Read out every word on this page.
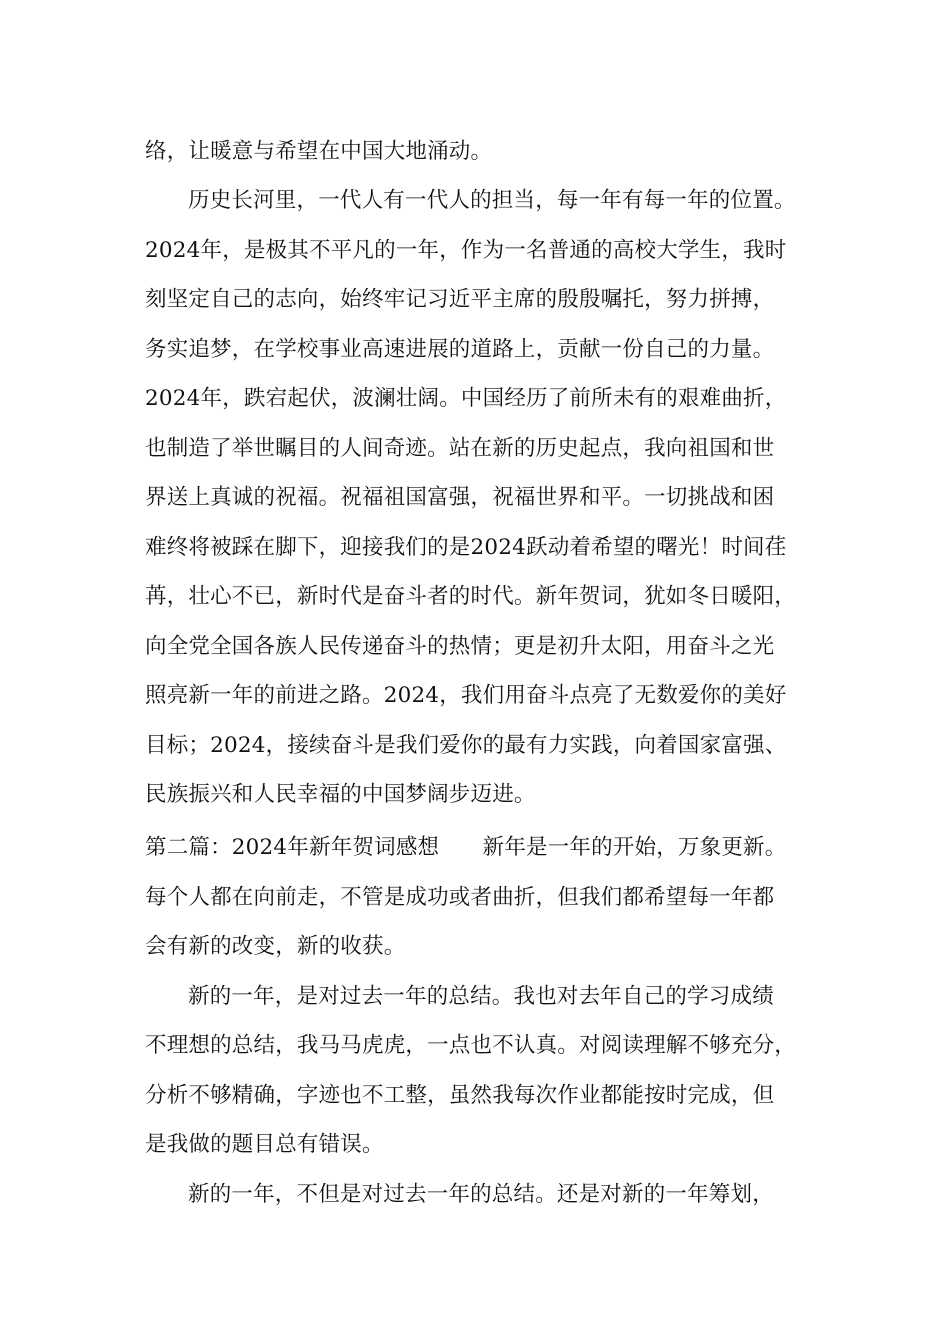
络，让暖意与希望在中国大地涌动。
历史长河里，一代人有一代人的担当，每一年有每一年的位置。
2024年，是极其不平凡的一年，作为一名普通的高校大学生，我时
刻坚定自己的志向，始终牢记习近平主席的殷殷嘱托，努力拼搏，
务实追梦，在学校事业高速进展的道路上，贡献一份自己的力量。
2024年，跌宕起伏，波澜壮阔。中国经历了前所未有的艰难曲折，
也制造了举世瞩目的人间奇迹。站在新的历史起点，我向祖国和世
界送上真诚的祝福。祝福祖国富强，祝福世界和平。一切挑战和困
难终将被踩在脚下，迎接我们的是2024跃动着希望的曙光！时间荏
苒，壮心不已，新时代是奋斗者的时代。新年贺词，犹如冬日暖阳，
向全党全国各族人民传递奋斗的热情；更是初升太阳，用奋斗之光
照亮新一年的前进之路。2024，我们用奋斗点亮了无数爱你的美好
目标；2024，接续奋斗是我们爱你的最有力实践，向着国家富强、
民族振兴和人民幸福的中国梦阔步迈进。
第二篇：2024年新年贺词感想　　新年是一年的开始，万象更新。
每个人都在向前走，不管是成功或者曲折，但我们都希望每一年都
会有新的改变，新的收获。
新的一年，是对过去一年的总结。我也对去年自己的学习成绩
不理想的总结，我马马虎虎，一点也不认真。对阅读理解不够充分，
分析不够精确，字迹也不工整，虽然我每次作业都能按时完成，但
是我做的题目总有错误。
新的一年，不但是对过去一年的总结。还是对新的一年筹划，
